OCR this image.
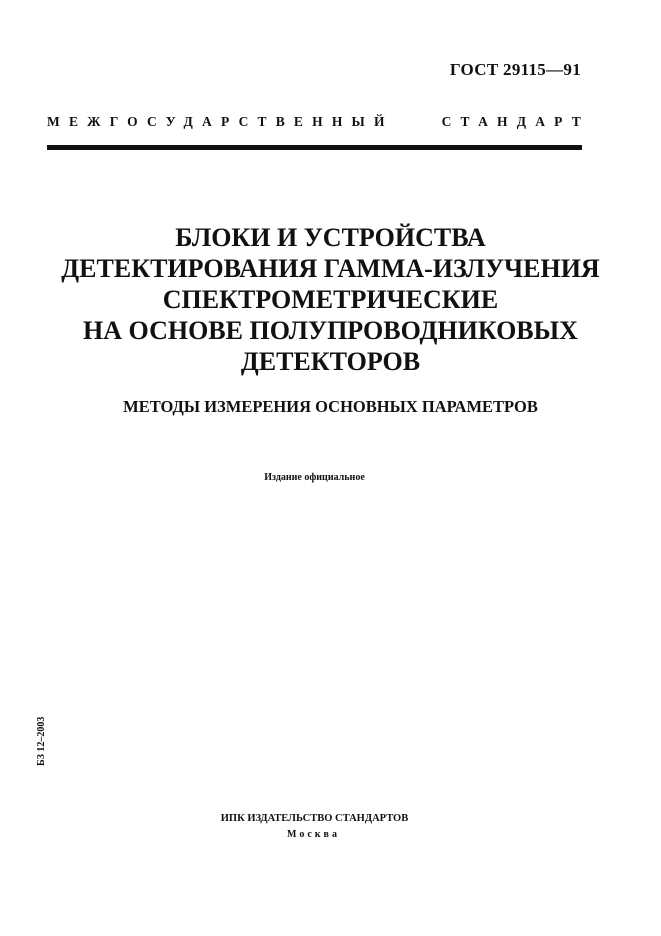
ГОСТ 29115—91
МЕЖГОСУДАРСТВЕННЫЙ	СТАНДАРТ
БЛОКИ И УСТРОЙСТВА
ДЕТЕКТИРОВАНИЯ ГАММА-ИЗЛУЧЕНИЯ
СПЕКТРОМЕТРИЧЕСКИЕ
НА ОСНОВЕ ПОЛУПРОВОДНИКОВЫХ
ДЕТЕКТОРОВ
МЕТОДЫ ИЗМЕРЕНИЯ ОСНОВНЫХ ПАРАМЕТРОВ
Издание официальное
БЗ 12–2003
ИПК ИЗДАТЕЛЬСТВО СТАНДАРТОВ
Москва
